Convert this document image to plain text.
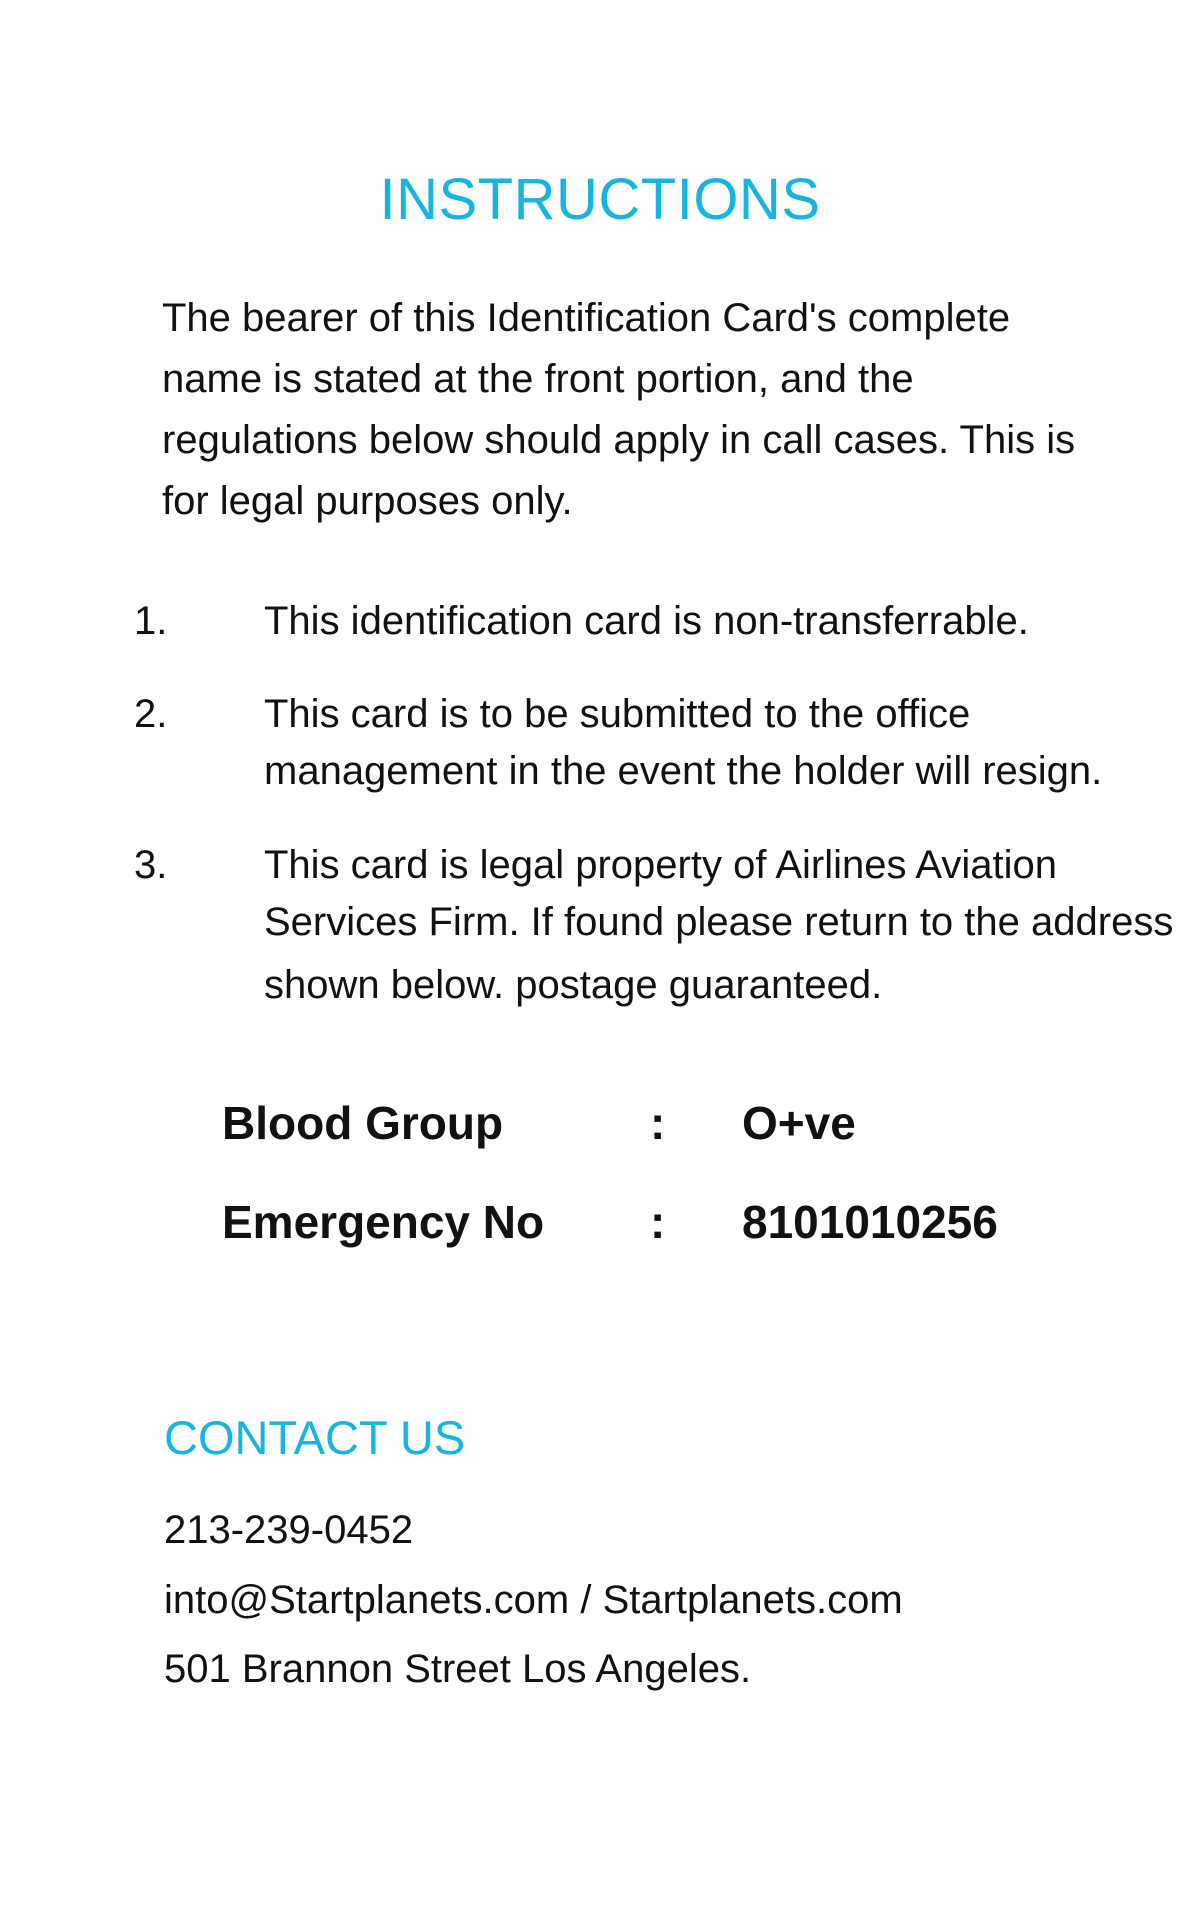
INSTRUCTIONS
The bearer of this Identification Card's complete
name is stated at the front portion, and the
regulations below should apply in call cases. This is
for legal purposes only.
1. This identification card is non-transferrable.
2. This card is to be submitted to the office
management in the event the holder will resign.
3. This card is legal property of Airlines Aviation
Services Firm. If found please return to the address
shown below. postage guaranteed.
Blood Group	: O+ve
Emergency No : 8101010256
CONTACT US
213-239-0452
into@Startplanets.com / Startplanets.com
501 Brannon Street Los Angeles.
